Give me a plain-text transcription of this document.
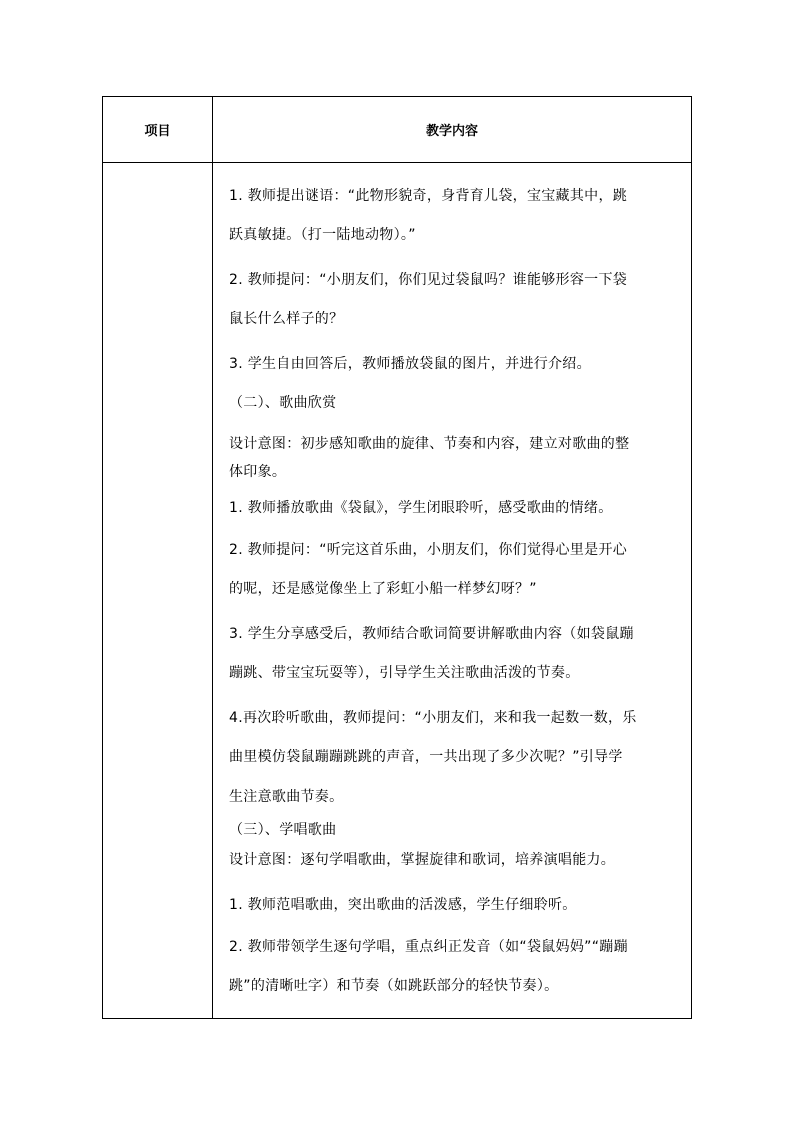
项目	教学内容
1. 教师提出谜语：“此物形貌奇，身背育儿袋，宝宝藏其中，跳
跃真敏捷。（打一陆地动物）。”
2. 教师提问：“小朋友们，你们见过袋鼠吗？谁能够形容一下袋
鼠长什么样子的？
3. 学生自由回答后，教师播放袋鼠的图片，并进行介绍。
（二）、歌曲欣赏
设计意图：初步感知歌曲的旋律、节奏和内容，建立对歌曲的整
体印象。
1. 教师播放歌曲《袋鼠》，学生闭眼聆听，感受歌曲的情绪。
2. 教师提问：“听完这首乐曲，小朋友们，你们觉得心里是开心
的呢，还是感觉像坐上了彩虹小船一样梦幻呀？”
3. 学生分享感受后，教师结合歌词简要讲解歌曲内容（如袋鼠蹦
蹦跳、带宝宝玩耍等），引导学生关注歌曲活泼的节奏。
4.再次聆听歌曲，教师提问：“小朋友们，来和我一起数一数，乐
曲里模仿袋鼠蹦蹦跳跳的声音，一共出现了多少次呢？”引导学
生注意歌曲节奏。
（三）、学唱歌曲
设计意图：逐句学唱歌曲，掌握旋律和歌词，培养演唱能力。
1. 教师范唱歌曲，突出歌曲的活泼感，学生仔细聆听。
2. 教师带领学生逐句学唱，重点纠正发音（如“袋鼠妈妈”“蹦蹦
跳”的清晰吐字）和节奏（如跳跃部分的轻快节奏）。
